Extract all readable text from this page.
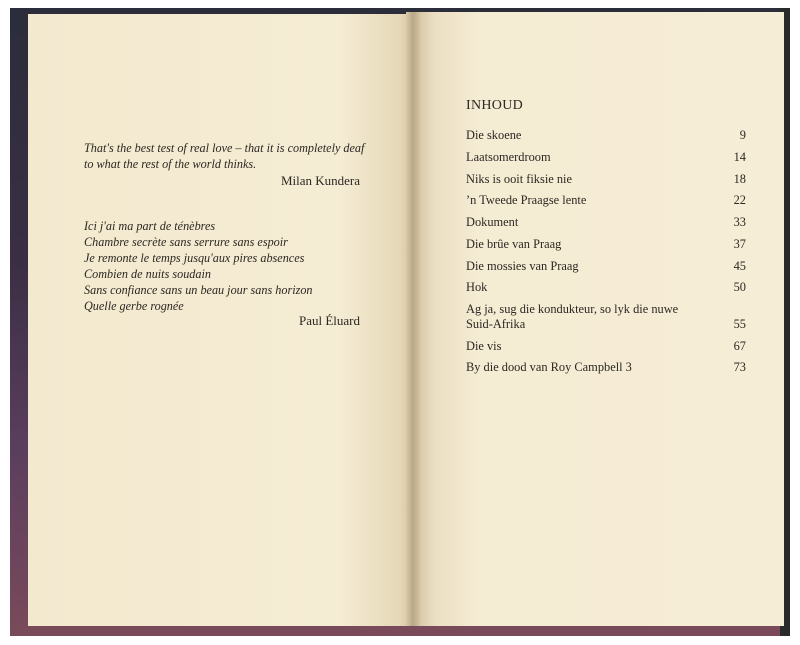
That's the best test of real love – that it is completely deaf
to what the rest of the world thinks.
Milan Kundera
Ici j'ai ma part de ténèbres
Chambre secrète sans serrure sans espoir
Je remonte le temps jusqu'aux pires absences
Combien de nuits soudain
Sans confiance sans un beau jour sans horizon
Quelle gerbe rognée
Paul Éluard
INHOUD
Die skoene	9
Laatsomerdroom	14
Niks is ooit fiksie nie	18
’n Tweede Praagse lente	22
Dokument	33
Die brûe van Praag	37
Die mossies van Praag	45
Hok	50
Ag ja, sug die kondukteur, so lyk die nuwe Suid-Afrika	55
Die vis	67
By die dood van Roy Campbell 3	73
